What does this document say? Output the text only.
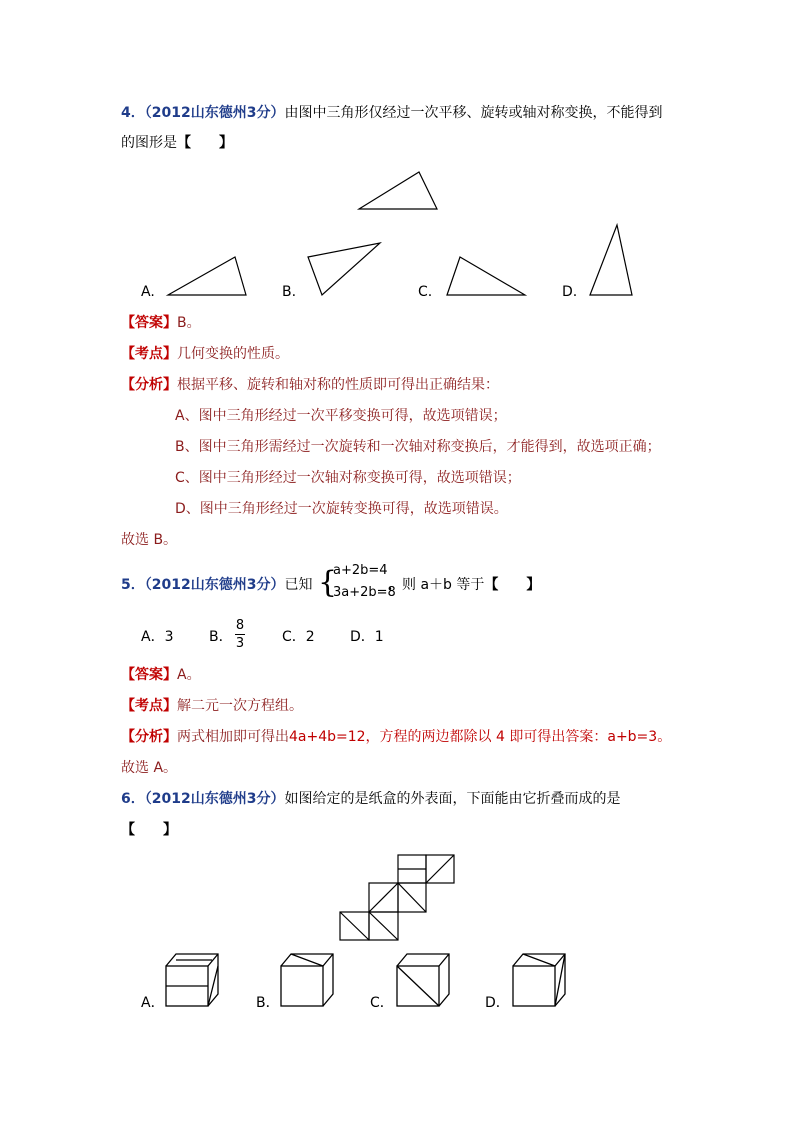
4．（2012山东德州3分）由图中三角形仅经过一次平移、旋转或轴对称变换，不能得到
的图形是【　　】
A.	B.	C.	D.
【答案】B。
【考点】几何变换的性质。
【分析】根据平移、旋转和轴对称的性质即可得出正确结果：
A、图中三角形经过一次平移变换可得，故选项错误；
B、图中三角形需经过一次旋转和一次轴对称变换后，才能得到，故选项正确；
C、图中三角形经过一次轴对称变换可得，故选项错误；
D、图中三角形经过一次旋转变换可得，故选项错误。
故选 B。
5．（2012山东德州3分）已知 {
a+2b=4
3a+2b=8
，则 a＋b 等于【　　】
A．3	B．
8
3	C．2	D．1
【答案】A。
【考点】解二元一次方程组。
【分析】两式相加即可得出4a+4b=12，方程的两边都除以 4 即可得出答案：a+b=3。
故选 A。
6．（2012山东德州3分）如图给定的是纸盒的外表面，下面能由它折叠而成的是
【　　】
A．	B．	C．	D．
